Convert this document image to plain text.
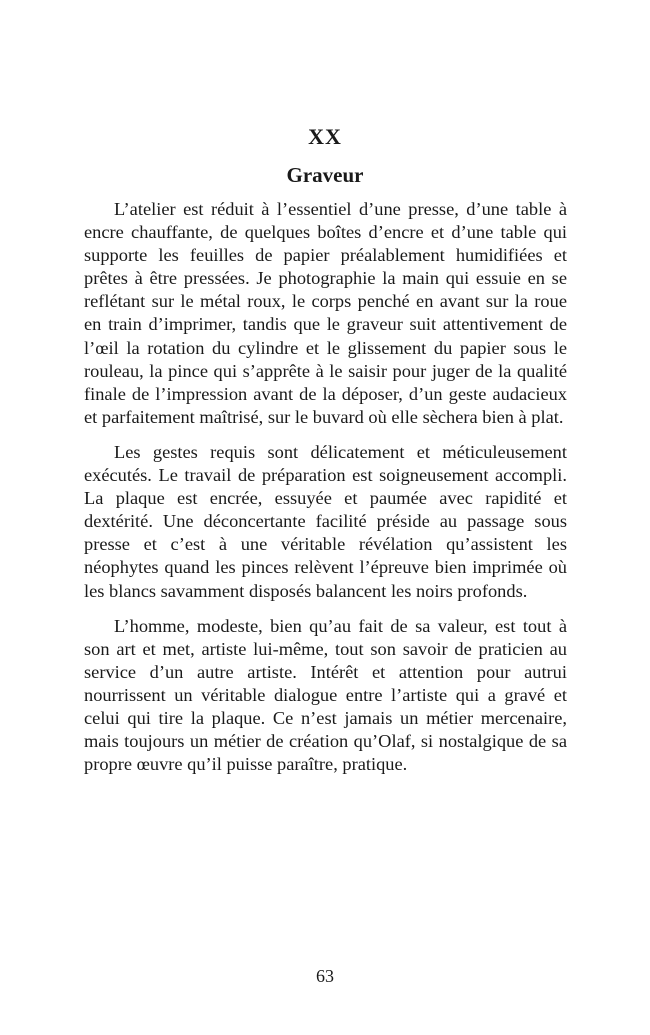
XX
Graveur

L’atelier est réduit à l’essentiel d’une presse, d’une table à encre chauffante, de quelques boîtes d’encre et d’une table qui supporte les feuilles de papier préalablement humidifiées et prêtes à être pressées. Je photographie la main qui essuie en se reflétant sur le métal roux, le corps penché en avant sur la roue en train d’imprimer, tandis que le graveur suit attentivement de l’œil la rotation du cylindre et le glissement du papier sous le rouleau, la pince qui s’apprête à le saisir pour juger de la qualité finale de l’impression avant de la déposer, d’un geste audacieux et parfaitement maîtrisé, sur le buvard où elle sèchera bien à plat.

Les gestes requis sont délicatement et méticuleusement exécutés. Le travail de préparation est soigneusement accompli. La plaque est encrée, essuyée et paumée avec rapidité et dextérité. Une déconcertante facilité préside au passage sous presse et c’est à une véritable révélation qu’assistent les néophytes quand les pinces relèvent l’épreuve bien imprimée où les blancs savamment disposés balancent les noirs profonds.

L’homme, modeste, bien qu’au fait de sa valeur, est tout à son art et met, artiste lui-même, tout son savoir de praticien au service d’un autre artiste. Intérêt et attention pour autrui nourrissent un véritable dialogue entre l’artiste qui a gravé et celui qui tire la plaque. Ce n’est jamais un métier mercenaire, mais toujours un métier de création qu’Olaf, si nostalgique de sa propre œuvre qu’il puisse paraître, pratique.

63
